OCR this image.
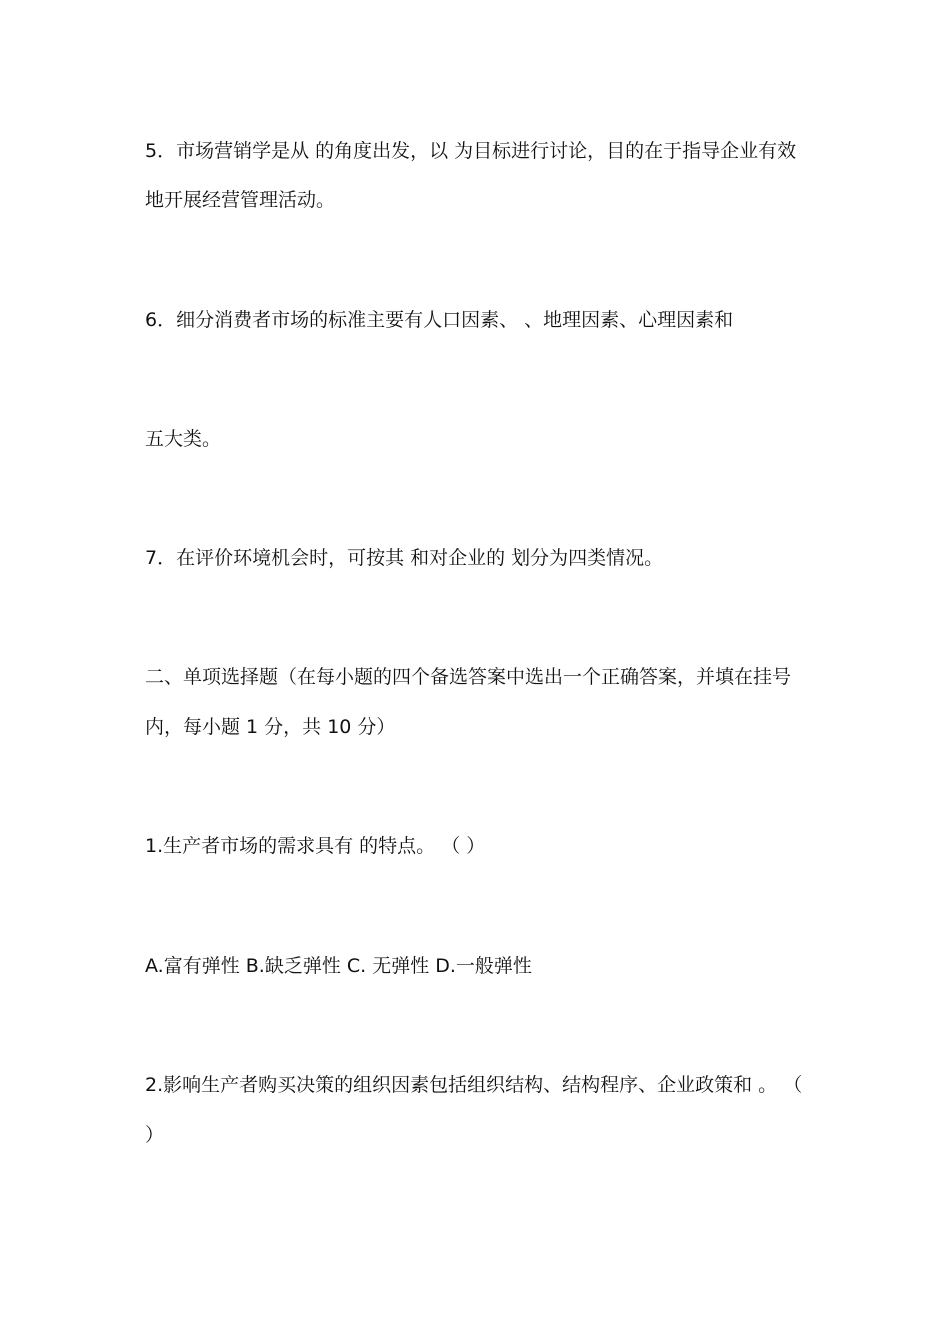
5．市场营销学是从 的角度出发，以 为目标进行讨论，目的在于指导企业有效
地开展经营管理活动。
6．细分消费者市场的标准主要有人口因素、 、地理因素、心理因素和
五大类。
7．在评价环境机会时，可按其 和对企业的 划分为四类情况。
二、单项选择题（在每小题的四个备选答案中选出一个正确答案，并填在挂号
内，每小题 1 分，共 10 分）
1.生产者市场的需求具有 的特点。 （ ）
A.富有弹性 B.缺乏弹性 C. 无弹性 D.一般弹性
2.影响生产者购买决策的组织因素包括组织结构、结构程序、企业政策和 。 （
）
